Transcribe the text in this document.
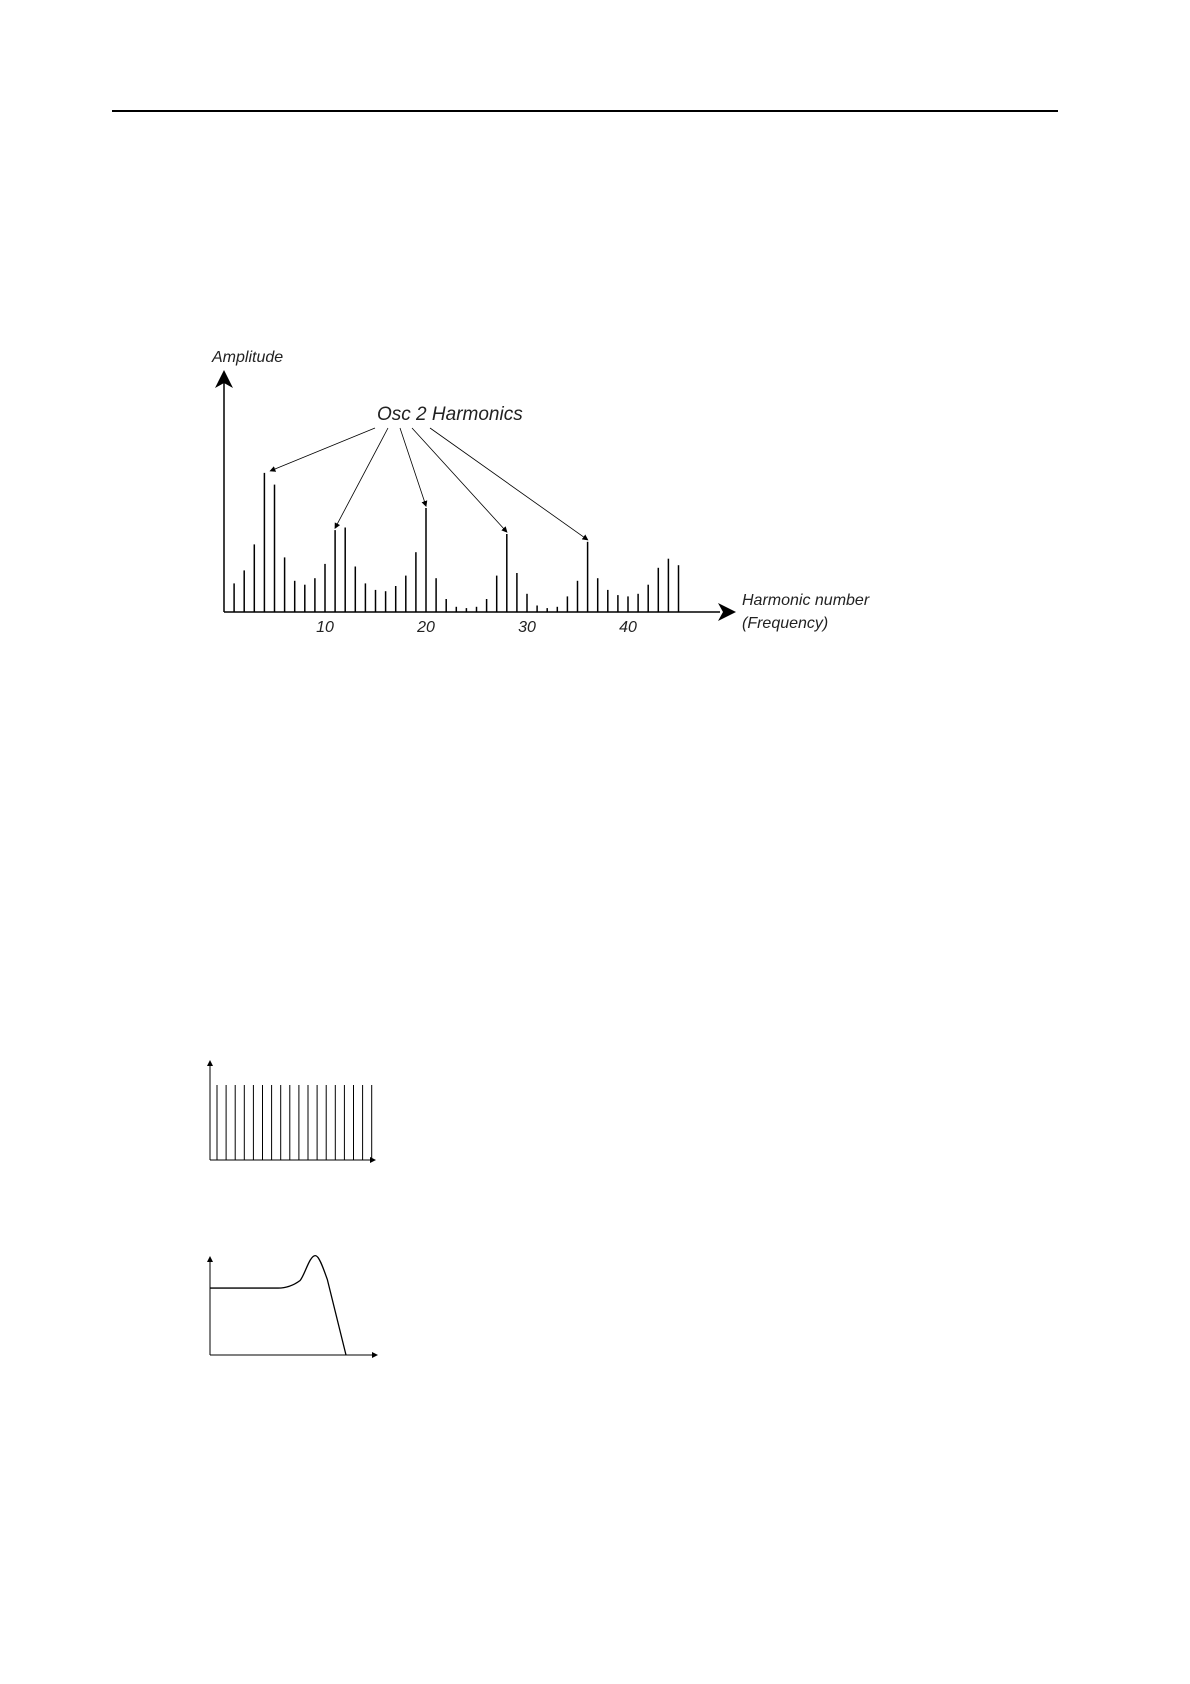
Amplitude
Harmonic number
(Frequency)
Osc 2 Harmonics
10	20	30	40
